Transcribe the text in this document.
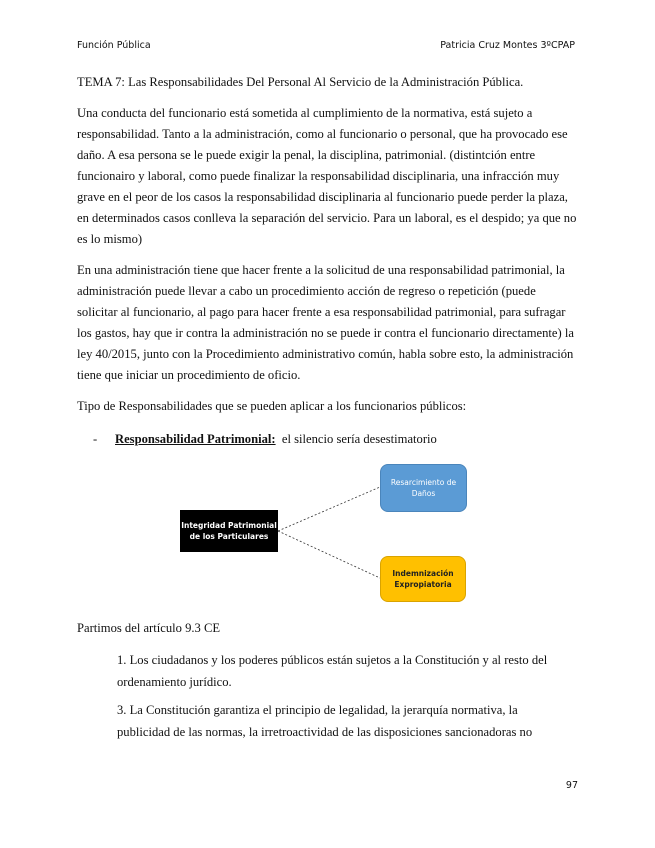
Función Pública	Patricia Cruz Montes 3ºCPAP
TEMA 7: Las Responsabilidades Del Personal Al Servicio de la Administración Pública.

Una conducta del funcionario está sometida al cumplimiento de la normativa, está sujeto a responsabilidad. Tanto a la administración, como al funcionario o personal, que ha provocado ese daño. A esa persona se le puede exigir la penal, la disciplina, patrimonial. (distintción entre funcionairo y laboral, como puede finalizar la responsabilidad disciplinaria, una infracción muy grave en el peor de los casos la responsabilidad disciplinaria al funcionario puede perder la plaza, en determinados casos conlleva la separación del servicio. Para un laboral, es el despido; ya que no es lo mismo)

En una administración tiene que hacer frente a la solicitud de una responsabilidad patrimonial, la administración puede llevar a cabo un procedimiento acción de regreso o repetición (puede solicitar al funcionario, al pago para hacer frente a esa responsabilidad patrimonial, para sufragar los gastos, hay que ir contra la administración no se puede ir contra el funcionario directamente) la ley 40/2015, junto con la Procedimiento administrativo común, habla sobre esto, la administración tiene que iniciar un procedimiento de oficio.

Tipo de Responsabilidades que se pueden aplicar a los funcionarios públicos:

- Responsabilidad Patrimonial: el silencio sería desestimatorio
Integridad Patrimonial de los Particulares
Resarcimiento de Daños
Indemnización Expropiatoria
Partimos del artículo 9.3 CE

1. Los ciudadanos y los poderes públicos están sujetos a la Constitución y al resto del ordenamiento jurídico.

3. La Constitución garantiza el principio de legalidad, la jerarquía normativa, la publicidad de las normas, la irretroactividad de las disposiciones sancionadoras no

97
